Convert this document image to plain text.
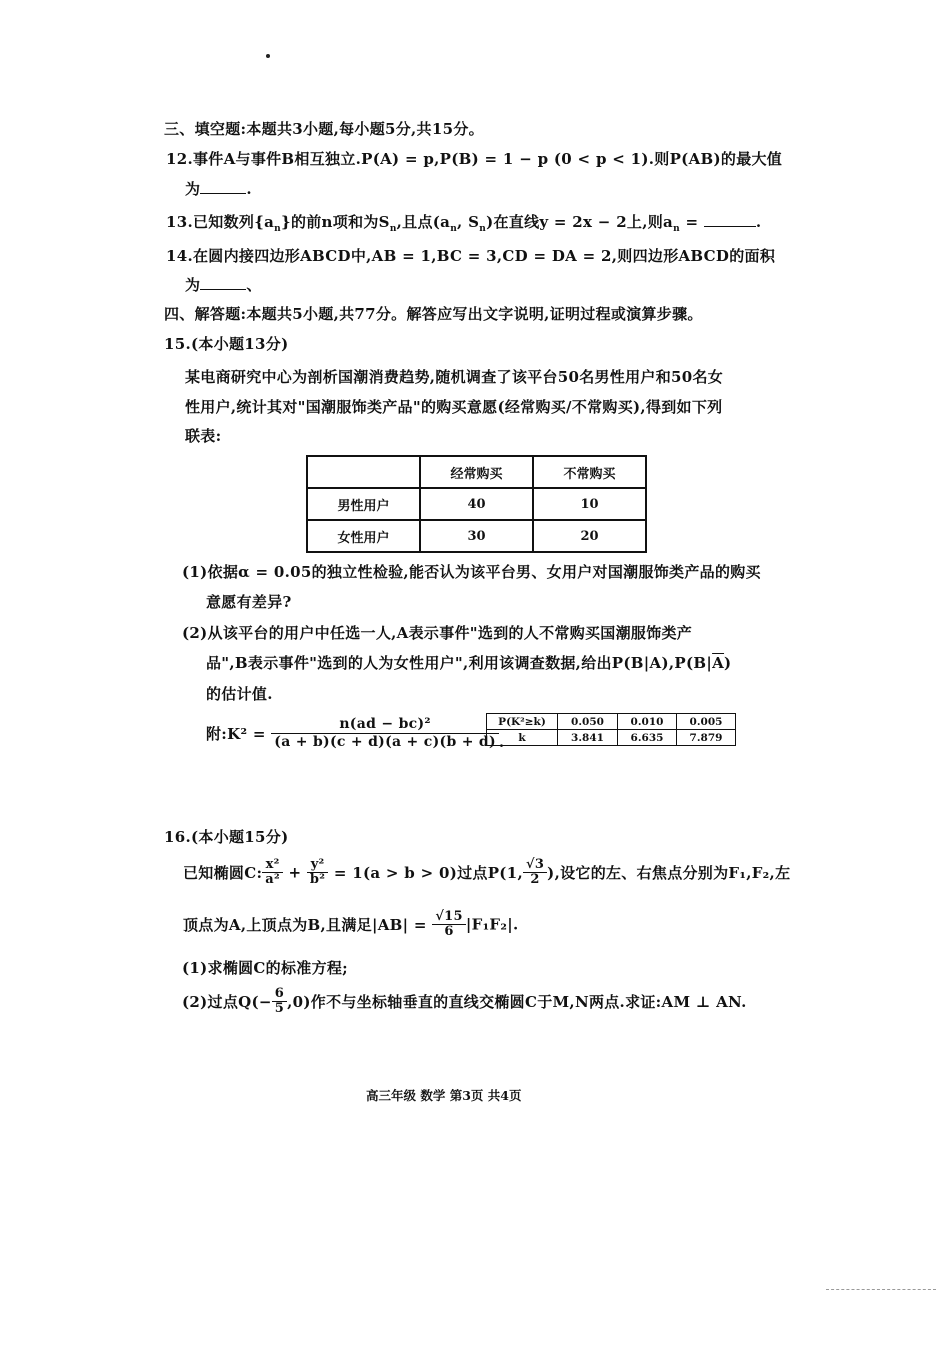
三、填空题:本题共3小题,每小题5分,共15分。
12.事件A与事件B相互独立.P(A) = p,P(B) = 1 − p (0 < p < 1).则P(AB)的最大值
为	.
13.已知数列$\{a_n\}$的前n项和为$S_n$,且点($a_n$, $S_n$)在直线y = 2x − 2上,则$a_n$ =	.
14.在圆内接四边形ABCD中,AB = 1,BC = 3,CD = DA = 2,则四边形ABCD的面积
为	、
四、解答题:本题共5小题,共77分。解答应写出文字说明,证明过程或演算步骤。
15.(本小题13分)
某电商研究中心为剖析国潮消费趋势,随机调查了该平台50名男性用户和50名女
性用户,统计其对"国潮服饰类产品"的购买意愿(经常购买/不常购买),得到如下列
联表:
	经常购买	不常购买
男性用户	40	10
女性用户	30	20
(1)依据α = 0.05的独立性检验,能否认为该平台男、女用户对国潮服饰类产品的购买
意愿有差异?
(2)从该平台的用户中任选一人,A表示事件"选到的人不常购买国潮服饰类产
品",B表示事件"选到的人为女性用户",利用该调查数据,给出$P(B|A),P(B|\overline{A})$
的估计值.
附:K² = $\frac{\text{n(ad − bc)²}}{(a + b)(c + d)(a + c)(b + d)}$ .
P(K²≥k)	0.050	0.010	0.005
k	3.841	6.635	7.879
16.(本小题15分)
已知椭圆C: $\frac{\text{x²}}{\text{a²}} + \frac{\text{y²}}{\text{b²}} = 1(a > b > 0)$过点P(1, $\frac{√3}{2}$ ),设它的左、右焦点分别为F₁,F₂,左
顶点为A,上顶点为B,且满足$|AB| = \frac{√15}{6} |F_1F_2|$.
(1)求椭圆C的标准方程;
(2)过点$Q(- \frac{6}{5} ,0)$作不与坐标轴垂直的直线交椭圆C于M,N两点.求证:AM ⊥ AN.
高三年级 数学 第3页 共4页
